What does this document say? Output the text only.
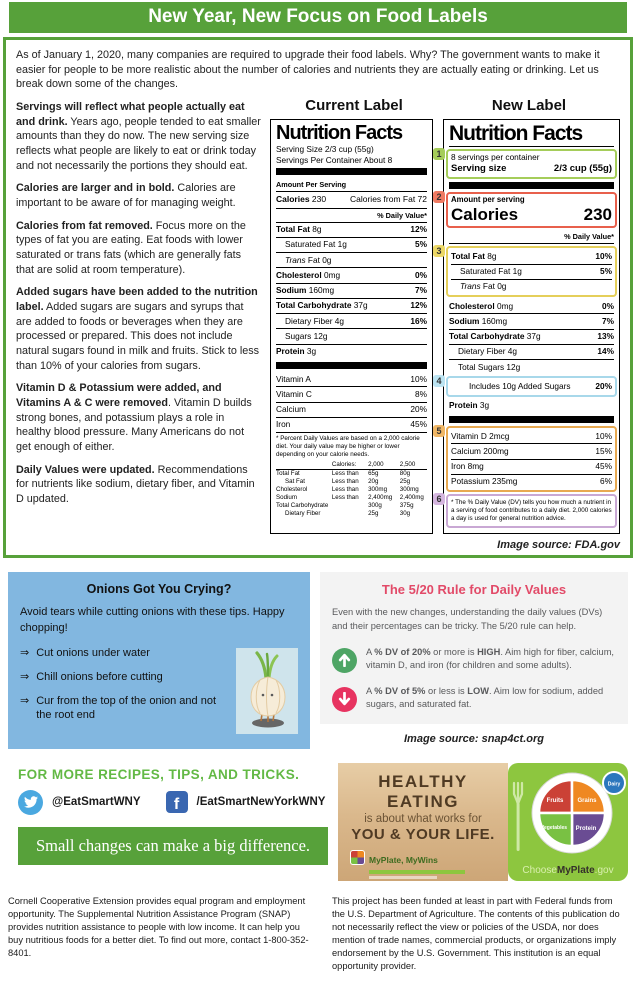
New Year, New Focus on Food Labels

As of January 1, 2020, many companies are required to upgrade their food labels. Why? The government wants to make it easier for people to be more realistic about the number of calories and nutrients they are actually eating or drinking. Let us break down some of the changes.

Current Label	New Label
Nutrition Facts
Serving Size 2/3 cup (55g)
Servings Per Container About 8
Amount Per Serving
Calories 230	Calories from Fat 72
% Daily Value*
Total Fat 8g	12%
Saturated Fat 1g	5%
Trans Fat 0g
Cholesterol 0mg	0%
Sodium 160mg	7%
Total Carbohydrate 37g	12%
Dietary Fiber 4g	16%
Sugars 12g
Protein 3g
Vitamin A	10%
Vitamin C	8%
Calcium	20%
Iron	45%
* Percent Daily Values are based on a 2,000 calorie diet. Your daily value may be higher or lower depending on your calorie needs.
Calories:	2,000	2,500
Total Fat	Less than	65g	80g
Sat Fat	Less than	20g	25g
Cholesterol	Less than	300mg	300mg
Sodium	Less than	2,400mg	2,400mg
Total Carbohydrate	300g	375g
Dietary Fiber	25g	30g
Nutrition Facts
1	8 servings per container
Serving size	2/3 cup (55g)
2	Amount per serving
Calories	230
% Daily Value*
3	Total Fat 8g	10%
Saturated Fat 1g	5%
Trans Fat 0g
Cholesterol 0mg	0%
Sodium 160mg	7%
Total Carbohydrate 37g	13%
Dietary Fiber 4g	14%
Total Sugars 12g
4	Includes 10g Added Sugars	20%
Protein 3g
5	Vitamin D 2mcg	10%
Calcium 200mg	15%
Iron 8mg	45%
Potassium 235mg	6%
6	* The % Daily Value (DV) tells you how much a nutrient in a serving of food contributes to a daily diet. 2,000 calories a day is used for general nutrition advice.
Image source: FDA.gov

Servings will reflect what people actually eat and drink. Years ago, people tended to eat smaller amounts than they do now. The new serving size reflects what people are likely to eat or drink today and not necessarily the portions they should eat.

Calories are larger and in bold. Calories are important to be aware of for managing weight.

Calories from fat removed. Focus more on the types of fat you are eating. Eat foods with lower saturated or trans fats (which are generally fats that are solid at room temperature).

Added sugars have been added to the nutrition label. Added sugars are sugars and syrups that are added to foods or beverages when they are processed or prepared. This does not include natural sugars found in milk and fruits. Stick to less than 10% of your calories from sugars.

Vitamin D & Potassium were added, and Vitamins A & C were removed. Vitamin D builds strong bones, and potassium plays a role in healthy blood pressure. Many Americans do not get enough of either.

Daily Values were updated. Recommendations for nutrients like sodium, dietary fiber, and Vitamin D updated.

Onions Got You Crying?
Avoid tears while cutting onions with these tips. Happy chopping!
⇒ Cut onions under water
⇒ Chill onions before cutting
⇒ Cur from the top of the onion and not the root end
The 5/20 Rule for Daily Values
Even with the new changes, understanding the daily values (DVs) and their percentages can be tricky. The 5/20 rule can help.
A % DV of 20% or more is HIGH. Aim high for fiber, calcium, vitamin D, and iron (for children and some adults).
A % DV of 5% or less is LOW. Aim low for sodium, added sugars, and saturated fat.
Image source: snap4ct.org
FOR MORE RECIPES, TIPS, AND TRICKS.
@EatSmartWNY	f	/EatSmartNewYorkWNY
Small changes can make a big difference.
HEALTHY EATING
is about what works for
YOU & YOUR LIFE.
MyPlate, MyWins
Fruits Grains
Vegetables Protein
Dairy
ChooseMyPlate.gov
Cornell Cooperative Extension provides equal program and employment opportunity. The Supplemental Nutrition Assistance Program (SNAP) provides nutrition assistance to people with low income. It can help you buy nutritious foods for a better diet. To find out more, contact 1-800-352-8401.
This project has been funded at least in part with Federal funds from the U.S. Department of Agriculture. The contents of this publication do not necessarily reflect the view or policies of the USDA, nor does mention of trade names, commercial products, or organizations imply endorsement by the U.S. Government. This institution is an equal opportunity provider.
